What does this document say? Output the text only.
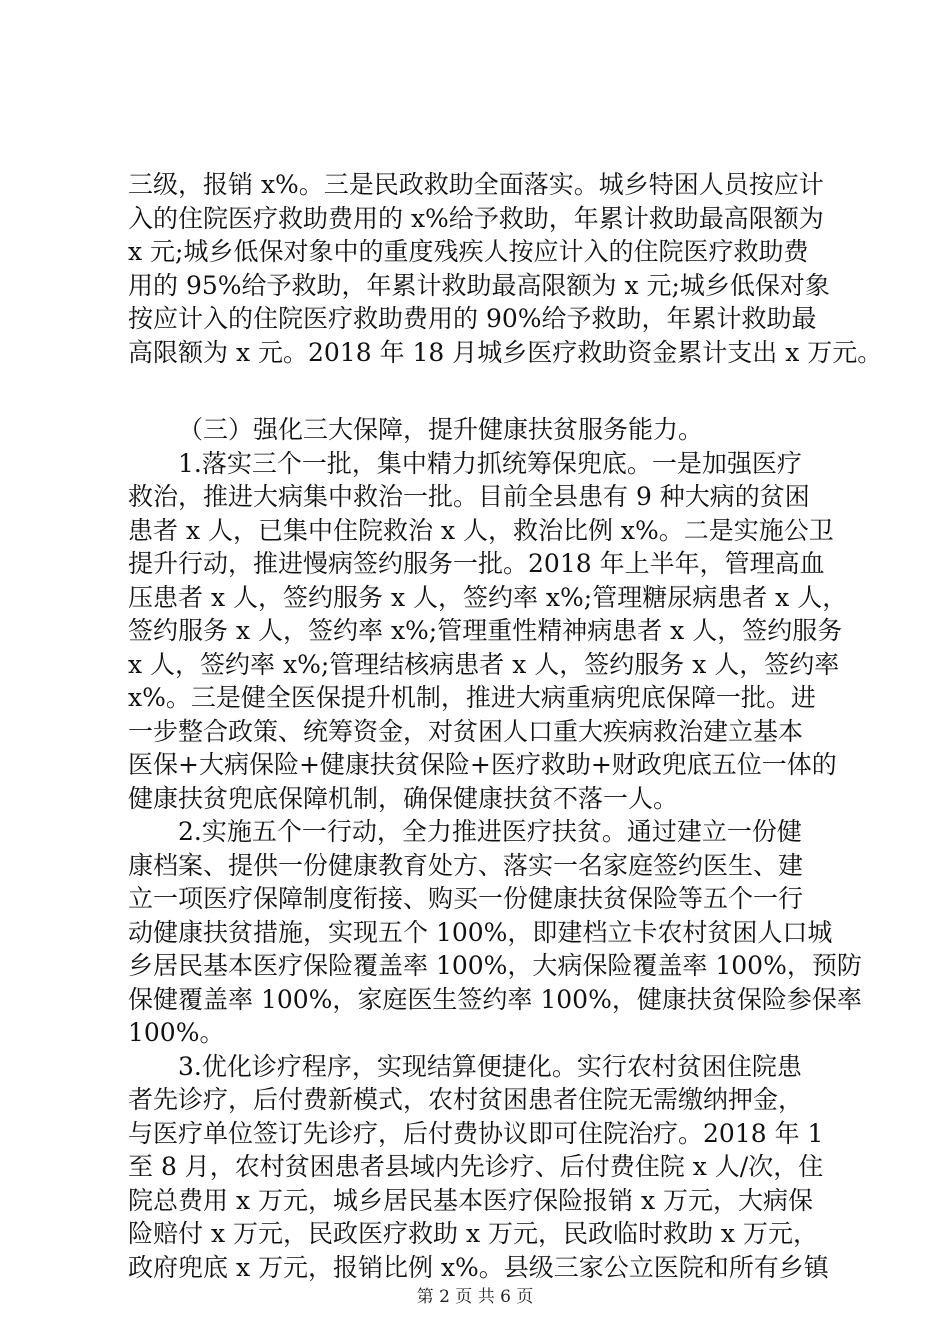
三级，报销 x%。三是民政救助全面落实。城乡特困人员按应计
入的住院医疗救助费用的 x%给予救助，年累计救助最高限额为
x 元;城乡低保对象中的重度残疾人按应计入的住院医疗救助费
用的 95%给予救助，年累计救助最高限额为 x 元;城乡低保对象
按应计入的住院医疗救助费用的 90%给予救助，年累计救助最
高限额为 x 元。2018 年 18 月城乡医疗救助资金累计支出 x 万元。

（三）强化三大保障，提升健康扶贫服务能力。

1.落实三个一批，集中精力抓统筹保兜底。一是加强医疗
救治，推进大病集中救治一批。目前全县患有 9 种大病的贫困
患者 x 人，已集中住院救治 x 人，救治比例 x%。二是实施公卫
提升行动，推进慢病签约服务一批。2018 年上半年，管理高血
压患者 x 人，签约服务 x 人，签约率 x%;管理糖尿病患者 x 人，
签约服务 x 人，签约率 x%;管理重性精神病患者 x 人，签约服务
x 人，签约率 x%;管理结核病患者 x 人，签约服务 x 人，签约率
x%。三是健全医保提升机制，推进大病重病兜底保障一批。进
一步整合政策、统筹资金，对贫困人口重大疾病救治建立基本
医保+大病保险+健康扶贫保险+医疗救助+财政兜底五位一体的
健康扶贫兜底保障机制，确保健康扶贫不落一人。

2.实施五个一行动，全力推进医疗扶贫。通过建立一份健
康档案、提供一份健康教育处方、落实一名家庭签约医生、建
立一项医疗保障制度衔接、购买一份健康扶贫保险等五个一行
动健康扶贫措施，实现五个 100%，即建档立卡农村贫困人口城
乡居民基本医疗保险覆盖率 100%，大病保险覆盖率 100%，预防
保健覆盖率 100%，家庭医生签约率 100%，健康扶贫保险参保率
100%。

3.优化诊疗程序，实现结算便捷化。实行农村贫困住院患
者先诊疗，后付费新模式，农村贫困患者住院无需缴纳押金，
与医疗单位签订先诊疗，后付费协议即可住院治疗。2018 年 1
至 8 月，农村贫困患者县域内先诊疗、后付费住院 x 人/次，住
院总费用 x 万元，城乡居民基本医疗保险报销 x 万元，大病保
险赔付 x 万元，民政医疗救助 x 万元，民政临时救助 x 万元，
政府兜底 x 万元，报销比例 x%。县级三家公立医院和所有乡镇

第 2 页 共 6 页
